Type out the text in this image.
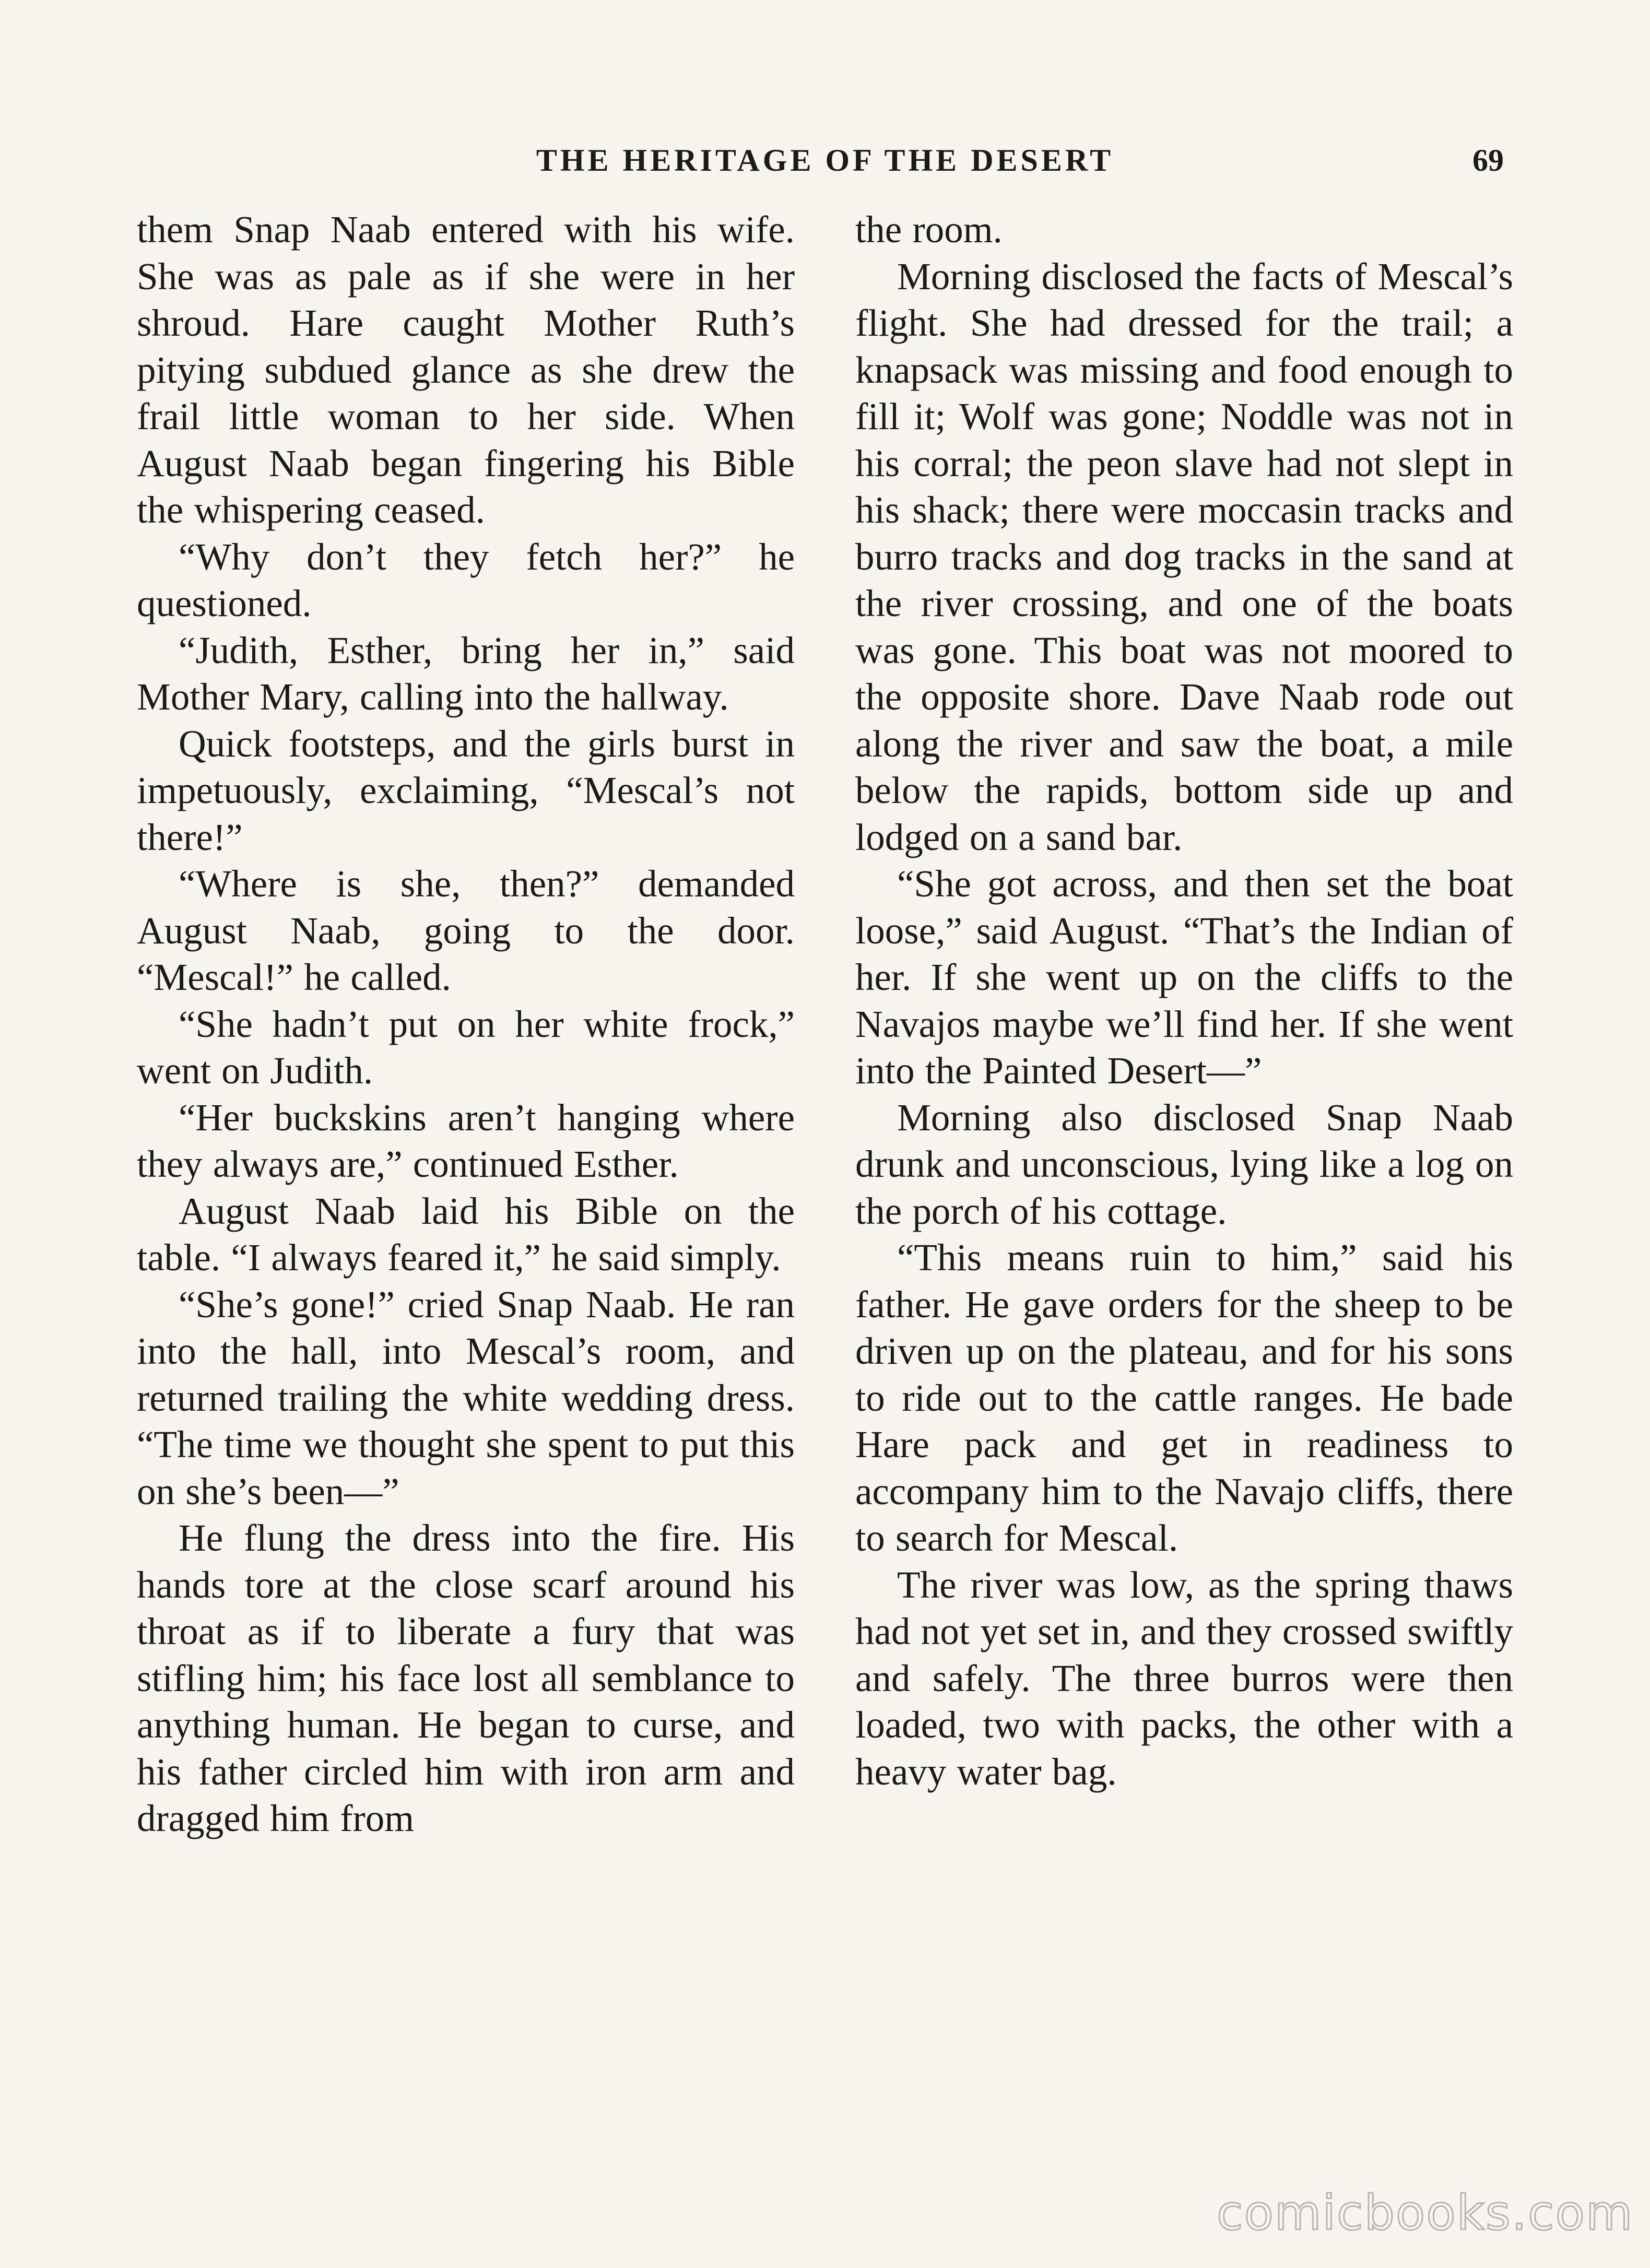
THE HERITAGE OF THE DESERT	69

them Snap Naab entered with his wife. She was as pale as if she were in her shroud. Hare caught Mother Ruth’s pitying subdued glance as she drew the frail little woman to her side. When August Naab began fingering his Bible the whispering ceased.

“Why don’t they fetch her?” he questioned.

“Judith, Esther, bring her in,” said Mother Mary, calling into the hallway.

Quick footsteps, and the girls burst in impetuously, exclaiming, “Mescal’s not there!”

“Where is she, then?” demanded August Naab, going to the door. “Mescal!” he called.

“She hadn’t put on her white frock,” went on Judith.

“Her buckskins aren’t hanging where they always are,” continued Esther.

August Naab laid his Bible on the table. “I always feared it,” he said simply.

“She’s gone!” cried Snap Naab. He ran into the hall, into Mescal’s room, and returned trailing the white wedding dress. “The time we thought she spent to put this on she’s been—”

He flung the dress into the fire. His hands tore at the close scarf around his throat as if to liberate a fury that was stifling him; his face lost all semblance to anything human. He began to curse, and his father circled him with iron arm and dragged him from

the room.

Morning disclosed the facts of Mescal’s flight. She had dressed for the trail; a knapsack was missing and food enough to fill it; Wolf was gone; Noddle was not in his corral; the peon slave had not slept in his shack; there were moccasin tracks and burro tracks and dog tracks in the sand at the river crossing, and one of the boats was gone. This boat was not moored to the opposite shore. Dave Naab rode out along the river and saw the boat, a mile below the rapids, bottom side up and lodged on a sand bar.

“She got across, and then set the boat loose,” said August. “That’s the Indian of her. If she went up on the cliffs to the Navajos maybe we’ll find her. If she went into the Painted Desert—”

Morning also disclosed Snap Naab drunk and unconscious, lying like a log on the porch of his cottage.

“This means ruin to him,” said his father. He gave orders for the sheep to be driven up on the plateau, and for his sons to ride out to the cattle ranges. He bade Hare pack and get in readiness to accompany him to the Navajo cliffs, there to search for Mescal.

The river was low, as the spring thaws had not yet set in, and they crossed swiftly and safely. The three burros were then loaded, two with packs, the other with a heavy water bag.

comicbooks.com
